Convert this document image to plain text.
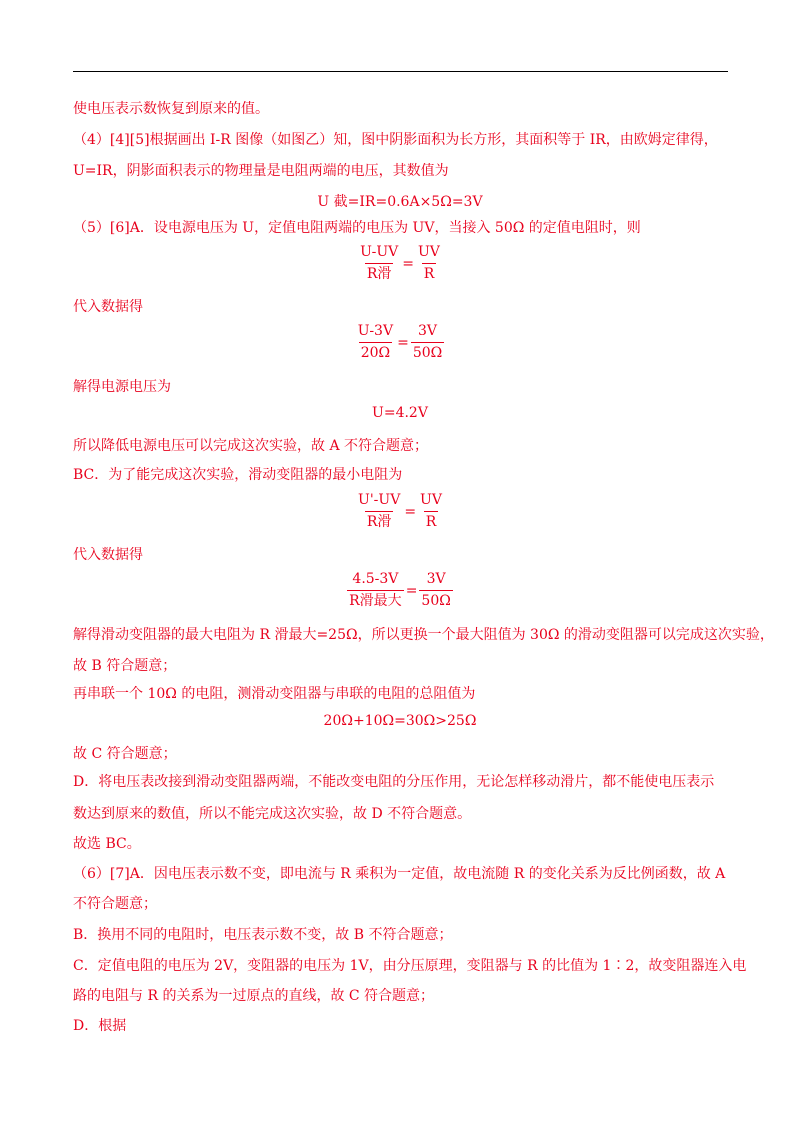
使电压表示数恢复到原来的值。
（4）[4][5]根据画出 I-R 图像（如图乙）知，图中阴影面积为长方形，其面积等于 IR，由欧姆定律得，
U=IR，阴影面积表示的物理量是电阻两端的电压，其数值为
U 截=IR=0.6A×5Ω=3V
（5）[6]A．设电源电压为 U，定值电阻两端的电压为 UV，当接入 50Ω 的定值电阻时，则
$\frac{U-UV}{\text{R滑}} = \frac{UV}{R}$
代入数据得
$\frac{U-3V}{20\Omega} = \frac{3V}{50\Omega}$
解得电源电压为
U=4.2V
所以降低电源电压可以完成这次实验，故 A 不符合题意；
BC．为了能完成这次实验，滑动变阻器的最小电阻为
$\frac{U'-UV}{\text{R滑}} = \frac{UV}{R}$
代入数据得
$\frac{4.5-3V}{\text{R滑最大}} = \frac{3V}{50\Omega}$
解得滑动变阻器的最大电阻为 R 滑最大=25Ω，所以更换一个最大阻值为 30Ω 的滑动变阻器可以完成这次实验，
故 B 符合题意；
再串联一个 10Ω 的电阻，测滑动变阻器与串联的电阻的总阻值为
20Ω+10Ω=30Ω>25Ω
故 C 符合题意；
D．将电压表改接到滑动变阻器两端，不能改变电阻的分压作用，无论怎样移动滑片，都不能使电压表示
数达到原来的数值，所以不能完成这次实验，故 D 不符合题意。
故选 BC。
（6）[7]A．因电压表示数不变，即电流与 R 乘积为一定值，故电流随 R 的变化关系为反比例函数，故 A
不符合题意；
B．换用不同的电阻时，电压表示数不变，故 B 不符合题意；
C．定值电阻的电压为 2V，变阻器的电压为 1V，由分压原理，变阻器与 R 的比值为 1∶2，故变阻器连入电
路的电阻与 R 的关系为一过原点的直线，故 C 符合题意；
D．根据
